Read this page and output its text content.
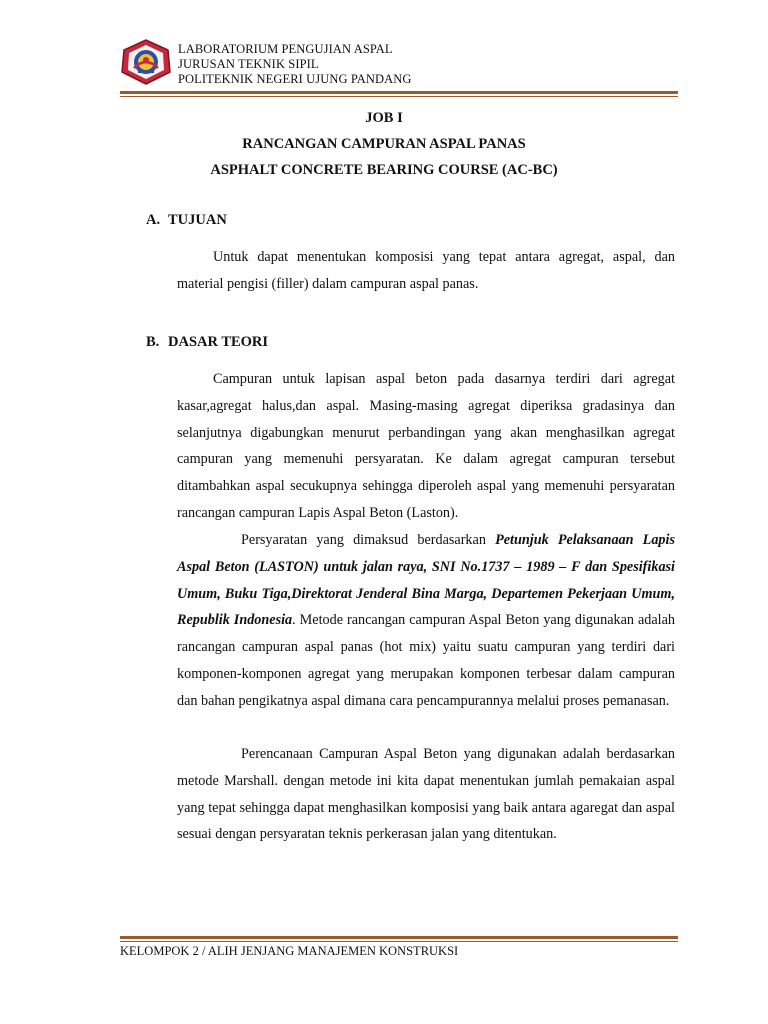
LABORATORIUM PENGUJIAN ASPAL
JURUSAN TEKNIK SIPIL
POLITEKNIK NEGERI UJUNG PANDANG
JOB I
RANCANGAN CAMPURAN ASPAL PANAS
ASPHALT CONCRETE BEARING COURSE (AC-BC)
A. TUJUAN

Untuk dapat menentukan komposisi yang tepat antara agregat, aspal, dan material pengisi (filler) dalam campuran aspal panas.

B. DASAR TEORI

Campuran untuk lapisan aspal beton pada dasarnya terdiri dari agregat kasar,agregat halus,dan aspal. Masing-masing agregat diperiksa gradasinya dan selanjutnya digabungkan menurut perbandingan yang akan menghasilkan agregat campuran yang memenuhi persyaratan. Ke dalam agregat campuran tersebut ditambahkan aspal secukupnya sehingga diperoleh aspal yang memenuhi persyaratan rancangan campuran Lapis Aspal Beton (Laston).

Persyaratan yang dimaksud berdasarkan Petunjuk Pelaksanaan Lapis Aspal Beton (LASTON) untuk jalan raya, SNI No.1737 – 1989 – F dan Spesifikasi Umum, Buku Tiga,Direktorat Jenderal Bina Marga, Departemen Pekerjaan Umum, Republik Indonesia. Metode rancangan campuran Aspal Beton yang digunakan adalah rancangan campuran aspal panas (hot mix) yaitu suatu campuran yang terdiri dari komponen-komponen agregat yang merupakan komponen terbesar dalam campuran dan bahan pengikatnya aspal dimana cara pencampurannya melalui proses pemanasan.

Perencanaan Campuran Aspal Beton yang digunakan adalah berdasarkan metode Marshall. dengan metode ini kita dapat menentukan jumlah pemakaian aspal yang tepat sehingga dapat menghasilkan komposisi yang baik antara agaregat dan aspal sesuai dengan persyaratan teknis perkerasan jalan yang ditentukan.

KELOMPOK 2 / ALIH JENJANG MANAJEMEN KONSTRUKSI
